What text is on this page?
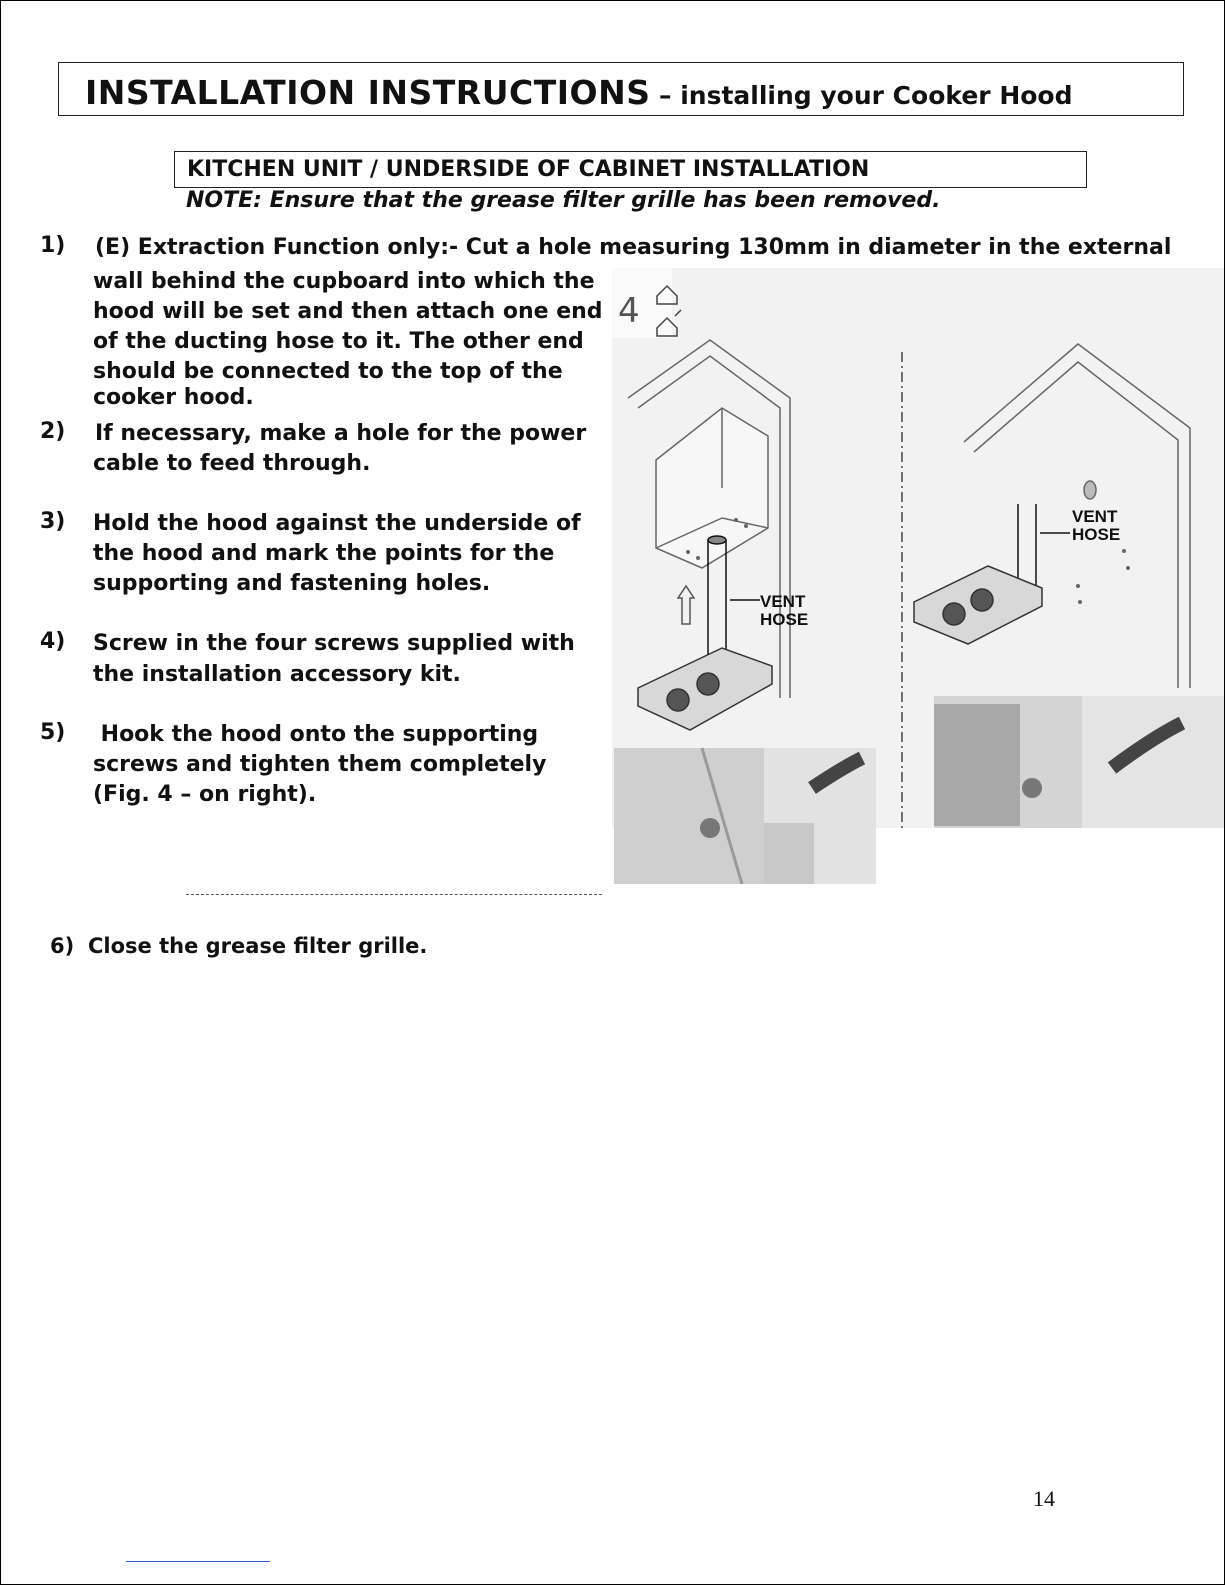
INSTALLATION INSTRUCTIONS – installing your Cooker Hood
KITCHEN UNIT / UNDERSIDE OF CABINET INSTALLATION
NOTE: Ensure that the grease filter grille has been removed.
1) (E) Extraction Function only:- Cut a hole measuring 130mm in diameter in the external
wall behind the cupboard into which the
hood will be set and then attach one end
of the ducting hose to it. The other end
should be connected to the top of the
cooker hood.
2) If necessary, make a hole for the power
cable to feed through.
3) Hold the hood against the underside of
the hood and mark the points for the
supporting and fastening holes.
4) Screw in the four screws supplied with
the installation accessory kit.
5) Hook the hood onto the supporting
screws and tighten them completely
(Fig. 4 – on right).
6) Close the grease filter grille.
4
VENT
HOSE
VENT
HOSE
14
